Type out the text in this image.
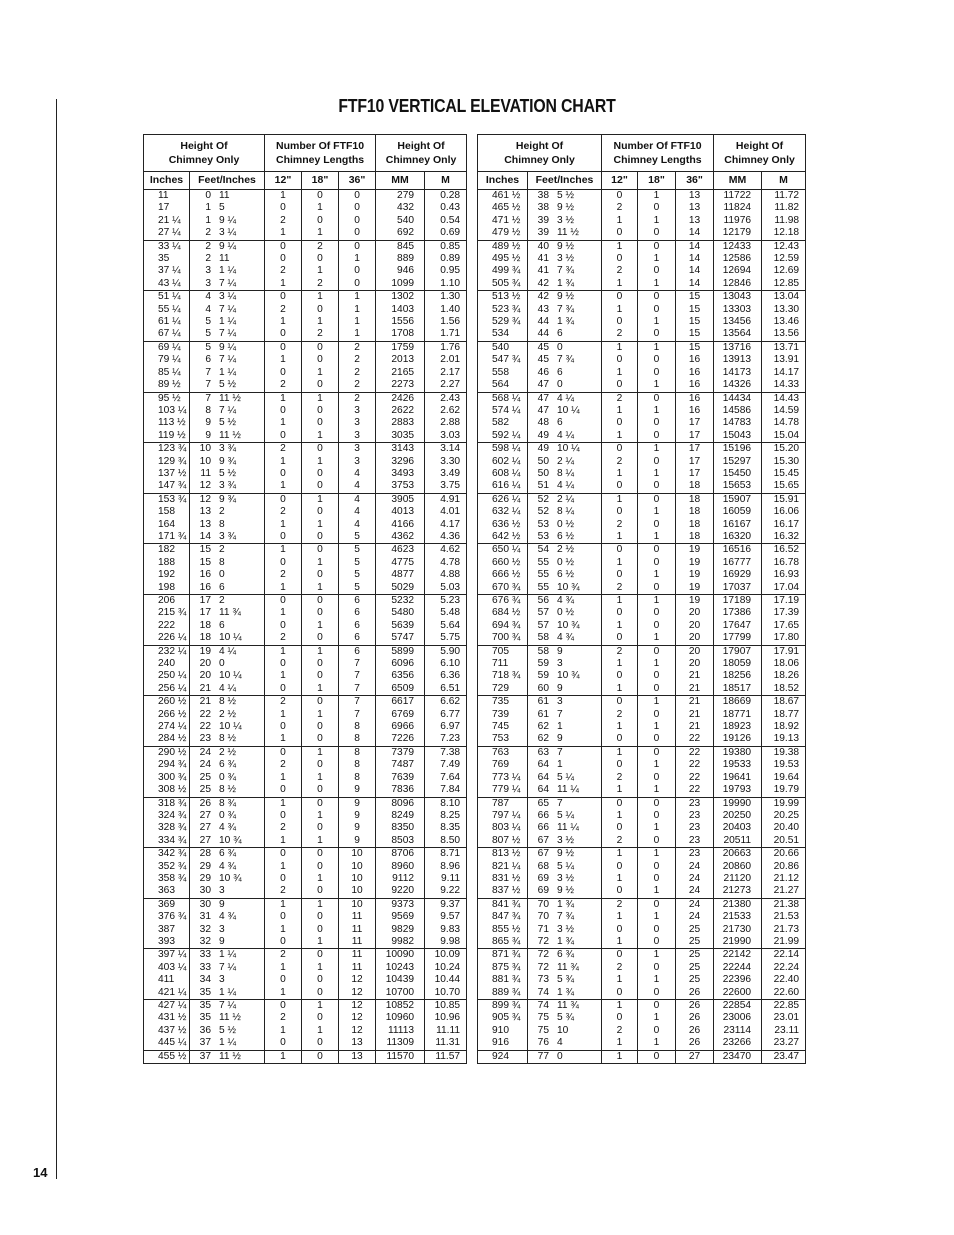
FTF10 VERTICAL ELEVATION CHART
Height Of
Chimney Only		Number Of FTF10
Chimney Lengths			Height Of
Chimney Only	
Inches	Feet/Inches	12"	18"	36"	MM	M
11	0 11	1	0	0	279	0.28
17	1 5	0	1	0	432	0.43
21 ¼	1 9 ¼	2	0	0	540	0.54
27 ¼	2 3 ¼	1	1	0	692	0.69
33 ¼	2 9 ¼	0	2	0	845	0.85
35	2 11	0	0	1	889	0.89
37 ¼	3 1 ¼	2	1	0	946	0.95
43 ¼	3 7 ¼	1	2	0	1099	1.10
51 ¼	4 3 ¼	0	1	1	1302	1.30
55 ¼	4 7 ¼	2	0	1	1403	1.40
61 ¼	5 1 ¼	1	1	1	1556	1.56
67 ¼	5 7 ¼	0	2	1	1708	1.71
69 ¼	5 9 ¼	0	0	2	1759	1.76
79 ¼	6 7 ¼	1	0	2	2013	2.01
85 ¼	7 1 ¼	0	1	2	2165	2.17
89 ½	7 5 ½	2	0	2	2273	2.27
95 ½	7 11 ½	1	1	2	2426	2.43
103 ¼	8 7 ¼	0	0	3	2622	2.62
113 ½	9 5 ½	1	0	3	2883	2.88
119 ½	9 11 ½	0	1	3	3035	3.03
123 ¾	10 3 ¾	2	0	3	3143	3.14
129 ¾	10 9 ¾	1	1	3	3296	3.30
137 ½	11 5 ½	0	0	4	3493	3.49
147 ¾	12 3 ¾	1	0	4	3753	3.75
153 ¾	12 9 ¾	0	1	4	3905	4.91
158	13 2	2	0	4	4013	4.01
164	13 8	1	1	4	4166	4.17
171 ¾	14 3 ¾	0	0	5	4362	4.36
182	15 2	1	0	5	4623	4.62
188	15 8	0	1	5	4775	4.78
192	16 0	2	0	5	4877	4.88
198	16 6	1	1	5	5029	5.03
206	17 2	0	0	6	5232	5.23
215 ¾	17 11 ¾	1	0	6	5480	5.48
222	18 6	0	1	6	5639	5.64
226 ¼	18 10 ¼	2	0	6	5747	5.75
232 ¼	19 4 ¼	1	1	6	5899	5.90
240	20 0	0	0	7	6096	6.10
250 ¼	20 10 ¼	1	0	7	6356	6.36
256 ¼	21 4 ¼	0	1	7	6509	6.51
260 ½	21 8 ½	2	0	7	6617	6.62
266 ½	22 2 ½	1	1	7	6769	6.77
274 ¼	22 10 ¼	0	0	8	6966	6.97
284 ½	23 8 ½	1	0	8	7226	7.23
290 ½	24 2 ½	0	1	8	7379	7.38
294 ¾	24 6 ¾	2	0	8	7487	7.49
300 ¾	25 0 ¾	1	1	8	7639	7.64
308 ½	25 8 ½	0	0	9	7836	7.84
318 ¾	26 8 ¾	1	0	9	8096	8.10
324 ¾	27 0 ¾	0	1	9	8249	8.25
328 ¾	27 4 ¾	2	0	9	8350	8.35
334 ¾	27 10 ¾	1	1	9	8503	8.50
342 ¾	28 6 ¾	0	0	10	8706	8.71
352 ¾	29 4 ¾	1	0	10	8960	8.96
358 ¾	29 10 ¾	0	1	10	9112	9.11
363	30 3	2	0	10	9220	9.22
369	30 9	1	1	10	9373	9.37
376 ¾	31 4 ¾	0	0	11	9569	9.57
387	32 3	1	0	11	9829	9.83
393	32 9	0	1	11	9982	9.98
397 ¼	33 1 ¼	2	0	11	10090	10.09
403 ¼	33 7 ¼	1	1	11	10243	10.24
411	34 3	0	0	12	10439	10.44
421 ¼	35 1 ¼	1	0	12	10700	10.70
427 ¼	35 7 ¼	0	1	12	10852	10.85
431 ½	35 11 ½	2	0	12	10960	10.96
437 ½	36 5 ½	1	1	12	11113	11.11
445 ¼	37 1 ¼	0	0	13	11309	11.31
455 ½	37 11 ½	1	0	13	11570	11.57
Height Of
Chimney Only		Number Of FTF10
Chimney Lengths			Height Of
Chimney Only	
Inches	Feet/Inches	12"	18"	36"	MM	M
461 ½	38 5 ½	0	1	13	11722	11.72
465 ½	38 9 ½	2	0	13	11824	11.82
471 ½	39 3 ½	1	1	13	11976	11.98
479 ½	39 11 ½	0	0	14	12179	12.18
489 ½	40 9 ½	1	0	14	12433	12.43
495 ½	41 3 ½	0	1	14	12586	12.59
499 ¾	41 7 ¾	2	0	14	12694	12.69
505 ¾	42 1 ¾	1	1	14	12846	12.85
513 ½	42 9 ½	0	0	15	13043	13.04
523 ¾	43 7 ¾	1	0	15	13303	13.30
529 ¾	44 1 ¾	0	1	15	13456	13.46
534	44 6	2	0	15	13564	13.56
540	45 0	1	1	15	13716	13.71
547 ¾	45 7 ¾	0	0	16	13913	13.91
558	46 6	1	0	16	14173	14.17
564	47 0	0	1	16	14326	14.33
568 ¼	47 4 ¼	2	0	16	14434	14.43
574 ¼	47 10 ¼	1	1	16	14586	14.59
582	48 6	0	0	17	14783	14.78
592 ¼	49 4 ¼	1	0	17	15043	15.04
598 ¼	49 10 ¼	0	1	17	15196	15.20
602 ¼	50 2 ¼	2	0	17	15297	15.30
608 ¼	50 8 ¼	1	1	17	15450	15.45
616 ¼	51 4 ¼	0	0	18	15653	15.65
626 ¼	52 2 ¼	1	0	18	15907	15.91
632 ¼	52 8 ¼	0	1	18	16059	16.06
636 ½	53 0 ½	2	0	18	16167	16.17
642 ½	53 6 ½	1	1	18	16320	16.32
650 ¼	54 2 ½	0	0	19	16516	16.52
660 ½	55 0 ½	1	0	19	16777	16.78
666 ½	55 6 ½	0	1	19	16929	16.93
670 ¾	55 10 ¾	2	0	19	17037	17.04
676 ¾	56 4 ¾	1	1	19	17189	17.19
684 ½	57 0 ½	0	0	20	17386	17.39
694 ¾	57 10 ¾	1	0	20	17647	17.65
700 ¾	58 4 ¾	0	1	20	17799	17.80
705	58 9	2	0	20	17907	17.91
711	59 3	1	1	20	18059	18.06
718 ¾	59 10 ¾	0	0	21	18256	18.26
729	60 9	1	0	21	18517	18.52
735	61 3	0	1	21	18669	18.67
739	61 7	2	0	21	18771	18.77
745	62 1	1	1	21	18923	18.92
753	62 9	0	0	22	19126	19.13
763	63 7	1	0	22	19380	19.38
769	64 1	0	1	22	19533	19.53
773 ¼	64 5 ¼	2	0	22	19641	19.64
779 ¼	64 11 ¼	1	1	22	19793	19.79
787	65 7	0	0	23	19990	19.99
797 ¼	66 5 ¼	1	0	23	20250	20.25
803 ¼	66 11 ¼	0	1	23	20403	20.40
807 ½	67 3 ½	2	0	23	20511	20.51
813 ½	67 9 ½	1	1	23	20663	20.66
821 ¼	68 5 ¼	0	0	24	20860	20.86
831 ½	69 3 ½	1	0	24	21120	21.12
837 ½	69 9 ½	0	1	24	21273	21.27
841 ¾	70 1 ¾	2	0	24	21380	21.38
847 ¾	70 7 ¾	1	1	24	21533	21.53
855 ½	71 3 ½	0	0	25	21730	21.73
865 ¾	72 1 ¾	1	0	25	21990	21.99
871 ¾	72 6 ¾	0	1	25	22142	22.14
875 ¾	72 11 ¾	2	0	25	22244	22.24
881 ¾	73 5 ¾	1	1	25	22396	22.40
889 ¾	74 1 ¾	0	0	26	22600	22.60
899 ¾	74 11 ¾	1	0	26	22854	22.85
905 ¾	75 5 ¾	0	1	26	23006	23.01
910	75 10	2	0	26	23114	23.11
916	76 4	1	1	26	23266	23.27
924	77 0	1	0	27	23470	23.47
14
